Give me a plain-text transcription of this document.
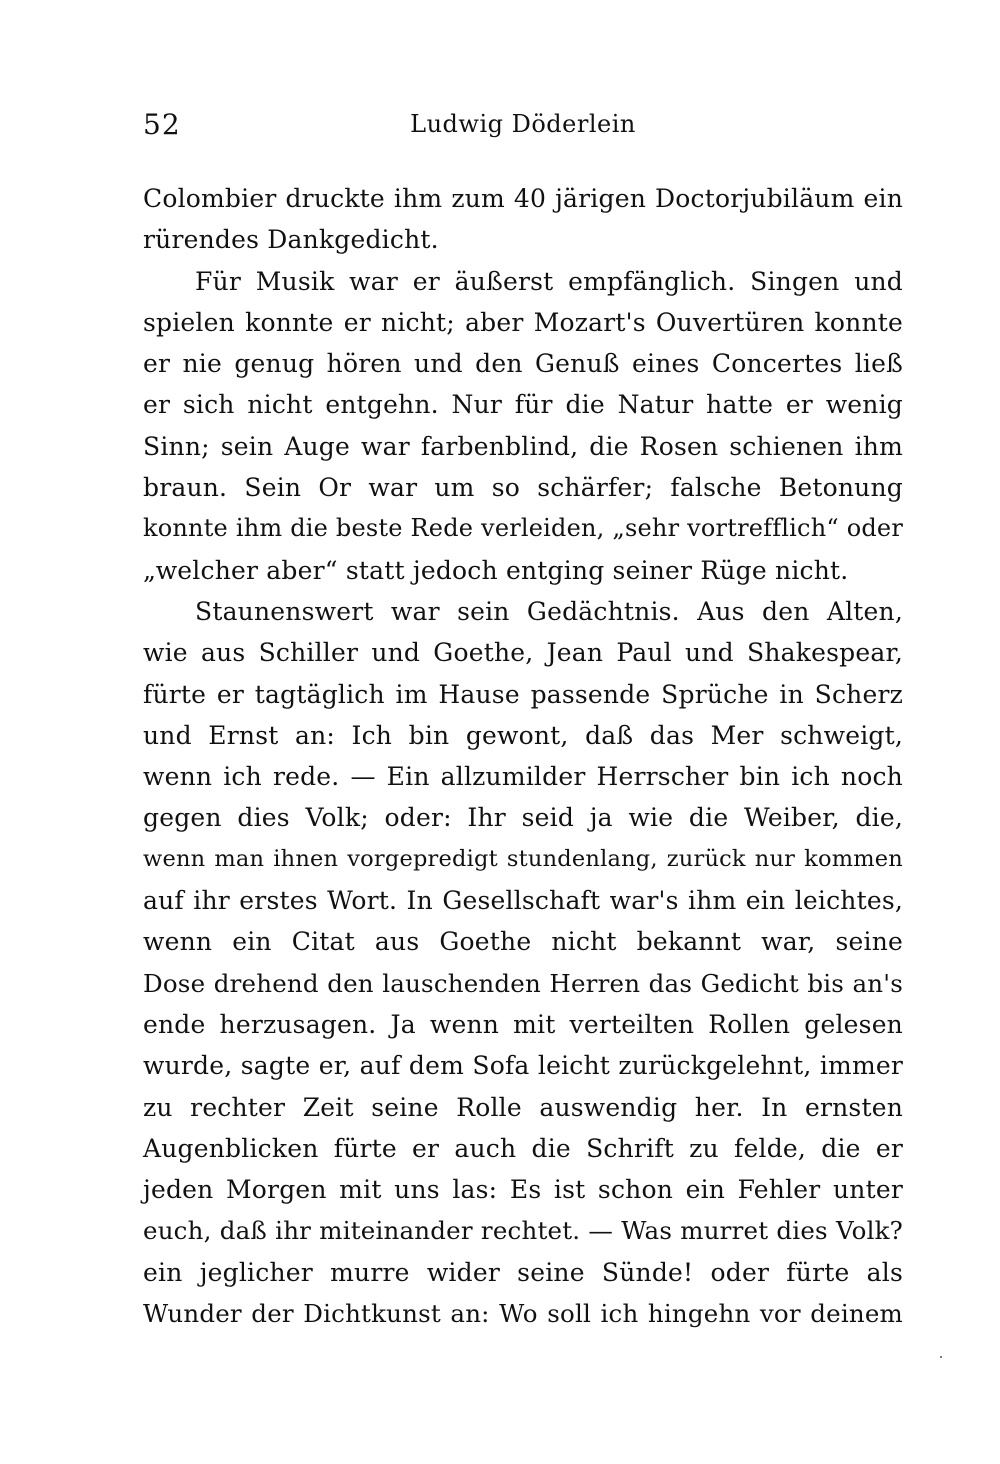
52	Ludwig Döderlein
Colombier druckte ihm zum 40 järigen Doctorjubiläum ein
rürendes Dankgedicht.
Für Musik war er äußerst empfänglich. Singen und
spielen konnte er nicht; aber Mozart's Ouvertüren konnte
er nie genug hören und den Genuß eines Concertes ließ
er sich nicht entgehn. Nur für die Natur hatte er wenig
Sinn; sein Auge war farbenblind, die Rosen schienen ihm
braun. Sein Or war um so schärfer; falsche Betonung
konnte ihm die beste Rede verleiden, „sehr vortrefflich“ oder
„welcher aber“ statt jedoch entging seiner Rüge nicht.
Staunenswert war sein Gedächtnis. Aus den Alten,
wie aus Schiller und Goethe, Jean Paul und Shakespear,
fürte er tagtäglich im Hause passende Sprüche in Scherz
und Ernst an: Ich bin gewont, daß das Mer schweigt,
wenn ich rede. — Ein allzumilder Herrscher bin ich noch
gegen dies Volk; oder: Ihr seid ja wie die Weiber, die,
wenn man ihnen vorgepredigt stundenlang, zurück nur kommen
auf ihr erstes Wort. In Gesellschaft war's ihm ein leichtes,
wenn ein Citat aus Goethe nicht bekannt war, seine
Dose drehend den lauschenden Herren das Gedicht bis an's
ende herzusagen. Ja wenn mit verteilten Rollen gelesen
wurde, sagte er, auf dem Sofa leicht zurückgelehnt, immer
zu rechter Zeit seine Rolle auswendig her. In ernsten
Augenblicken fürte er auch die Schrift zu felde, die er
jeden Morgen mit uns las: Es ist schon ein Fehler unter
euch, daß ihr miteinander rechtet. — Was murret dies Volk?
ein jeglicher murre wider seine Sünde! oder fürte als
Wunder der Dichtkunst an: Wo soll ich hingehn vor deinem
